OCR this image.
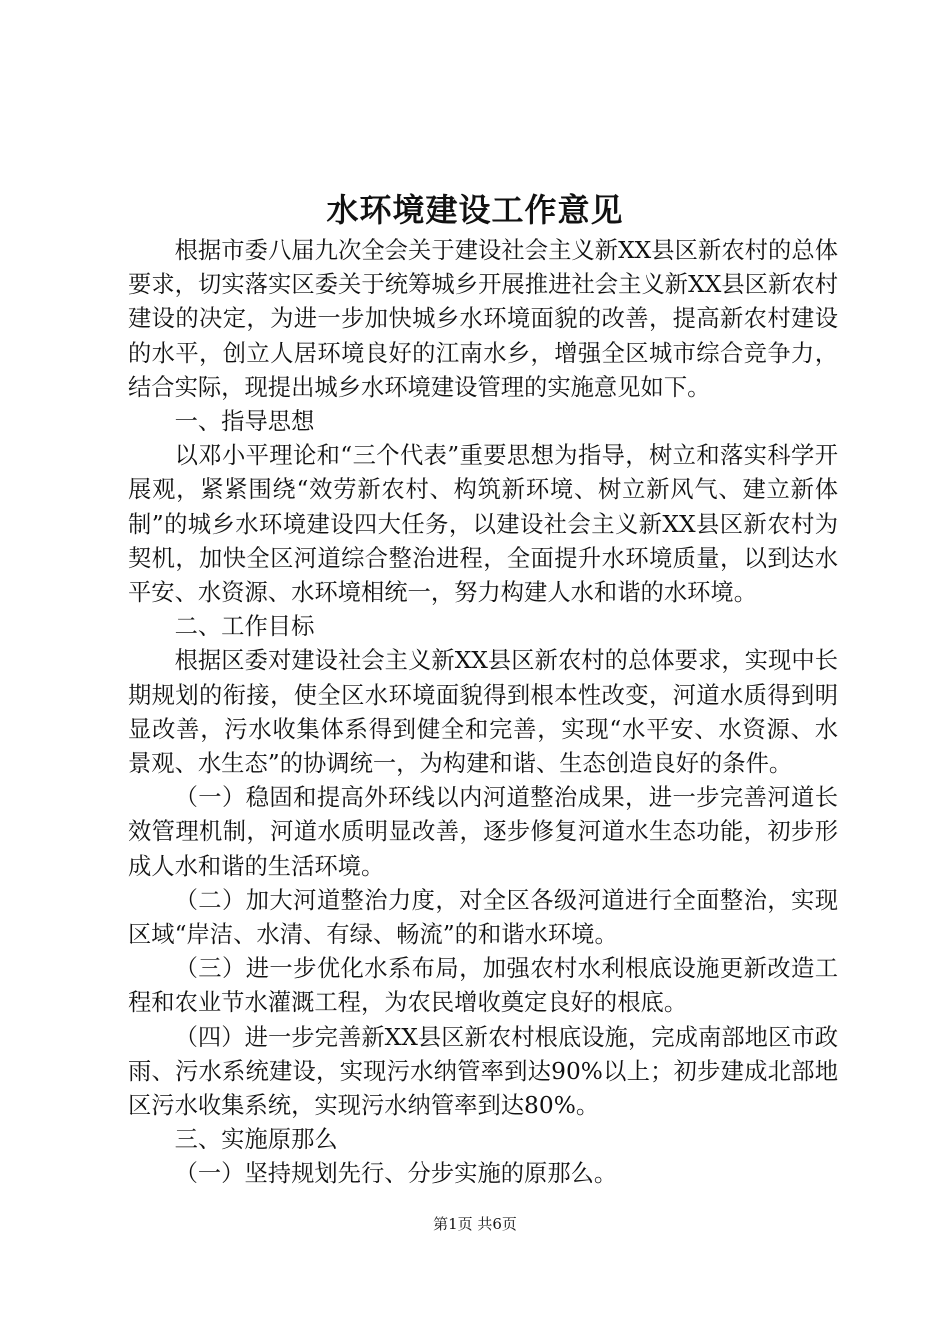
水环境建设工作意见

根据市委八届九次全会关于建设社会主义新XX县区新农村的总体要求，切实落实区委关于统筹城乡开展推进社会主义新XX县区新农村建设的决定，为进一步加快城乡水环境面貌的改善，提高新农村建设的水平，创立人居环境良好的江南水乡，增强全区城市综合竞争力，结合实际，现提出城乡水环境建设管理的实施意见如下。

一、指导思想

以邓小平理论和“三个代表”重要思想为指导，树立和落实科学开展观，紧紧围绕“效劳新农村、构筑新环境、树立新风气、建立新体制”的城乡水环境建设四大任务，以建设社会主义新XX县区新农村为契机，加快全区河道综合整治进程，全面提升水环境质量，以到达水平安、水资源、水环境相统一，努力构建人水和谐的水环境。

二、工作目标

根据区委对建设社会主义新XX县区新农村的总体要求，实现中长期规划的衔接，使全区水环境面貌得到根本性改变，河道水质得到明显改善，污水收集体系得到健全和完善，实现“水平安、水资源、水景观、水生态”的协调统一，为构建和谐、生态创造良好的条件。

（一）稳固和提高外环线以内河道整治成果，进一步完善河道长效管理机制，河道水质明显改善，逐步修复河道水生态功能，初步形成人水和谐的生活环境。

（二）加大河道整治力度，对全区各级河道进行全面整治，实现区域“岸洁、水清、有绿、畅流”的和谐水环境。

（三）进一步优化水系布局，加强农村水利根底设施更新改造工程和农业节水灌溉工程，为农民增收奠定良好的根底。

（四）进一步完善新XX县区新农村根底设施，完成南部地区市政雨、污水系统建设，实现污水纳管率到达90%以上；初步建成北部地区污水收集系统，实现污水纳管率到达80%。

三、实施原那么

（一）坚持规划先行、分步实施的原那么。

第1页 共6页
